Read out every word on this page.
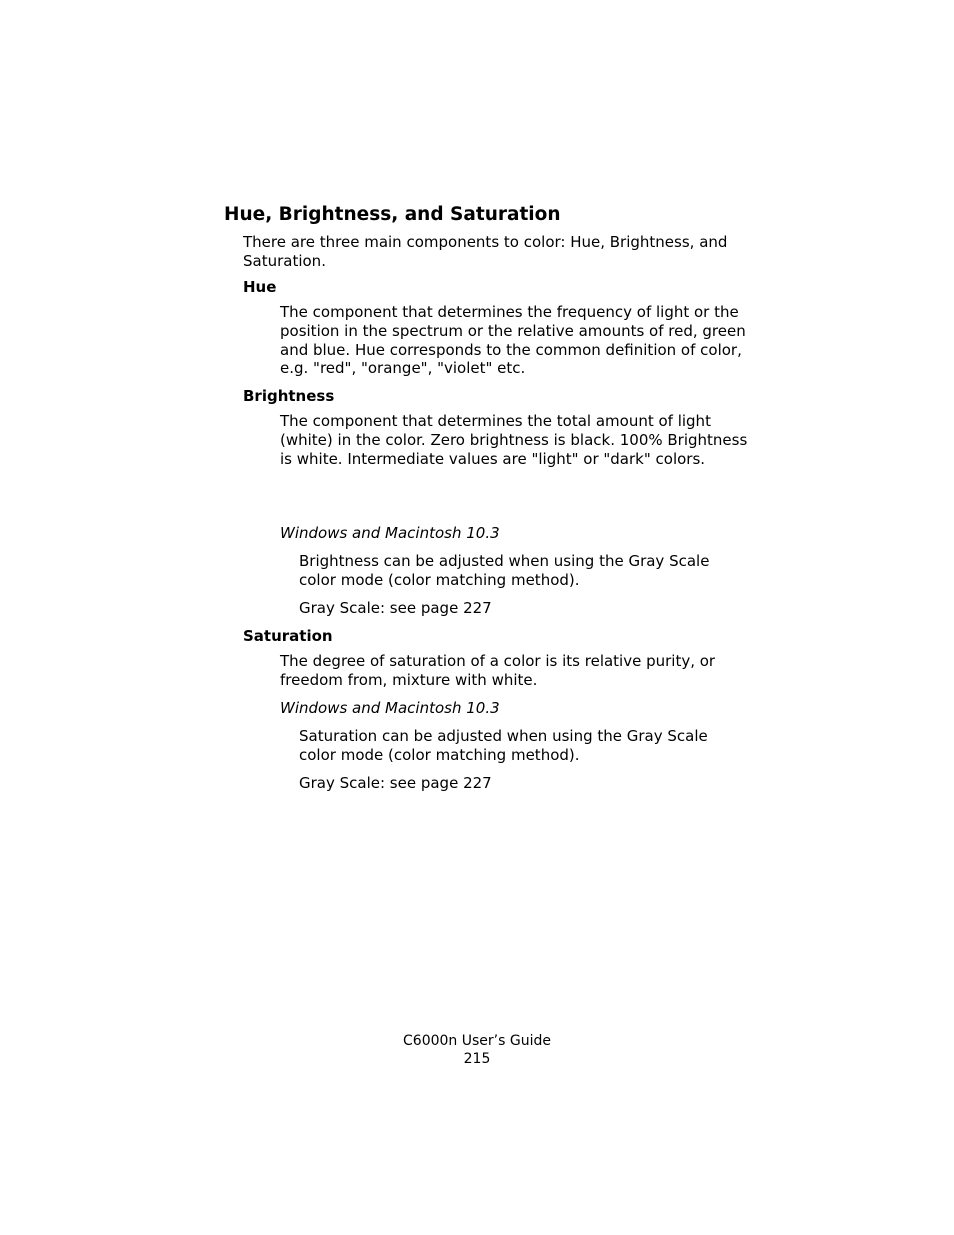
Hue, Brightness, and Saturation

There are three main components to color: Hue, Brightness, and Saturation.

Hue

The component that determines the frequency of light or the position in the spectrum or the relative amounts of red, green and blue. Hue corresponds to the common definition of color, e.g. "red", "orange", "violet" etc.

Brightness

The component that determines the total amount of light (white) in the color. Zero brightness is black. 100% Brightness is white. Intermediate values are "light" or "dark" colors.

Windows and Macintosh 10.3

Brightness can be adjusted when using the Gray Scale color mode (color matching method).

Gray Scale: see page 227

Saturation

The degree of saturation of a color is its relative purity, or freedom from, mixture with white.

Windows and Macintosh 10.3

Saturation can be adjusted when using the Gray Scale color mode (color matching method).

Gray Scale: see page 227

C6000n User’s Guide
215
